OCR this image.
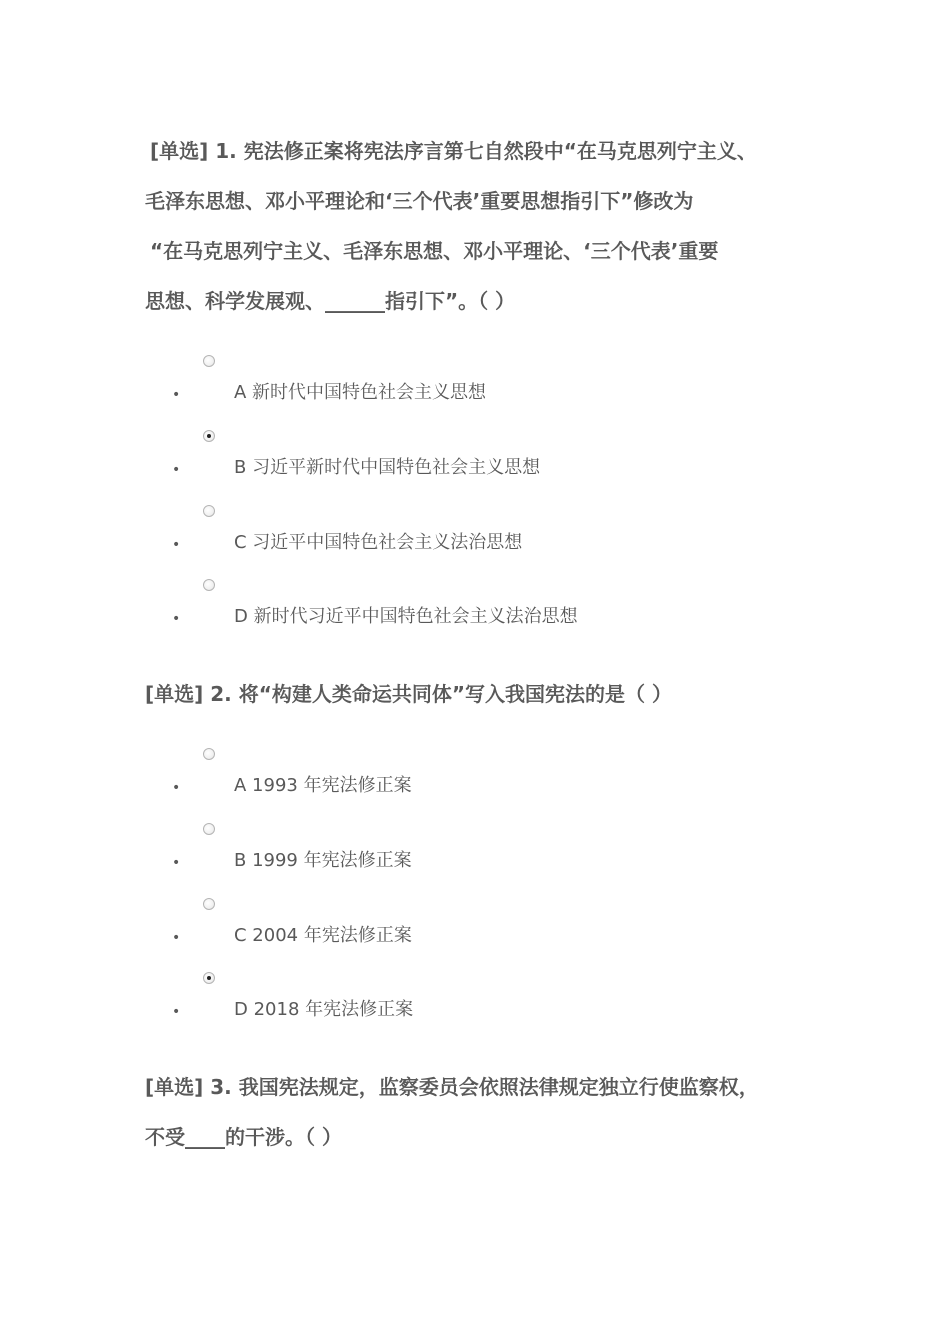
[单选] 1. 宪法修正案将宪法序言第七自然段中“在马克思列宁主义、
毛泽东思想、邓小平理论和‘三个代表’重要思想指引下”修改为
“在马克思列宁主义、毛泽东思想、邓小平理论、‘三个代表’重要
思想、科学发展观、______指引下”。（ ）
•	A 新时代中国特色社会主义思想
•	B 习近平新时代中国特色社会主义思想
•	C 习近平中国特色社会主义法治思想
•	D 新时代习近平中国特色社会主义法治思想
[单选] 2. 将“构建人类命运共同体”写入我国宪法的是（ ）
•	A 1993 年宪法修正案
•	B 1999 年宪法修正案
•	C 2004 年宪法修正案
•	D 2018 年宪法修正案
[单选] 3. 我国宪法规定，监察委员会依照法律规定独立行使监察权，
不受____的干涉。（ ）
